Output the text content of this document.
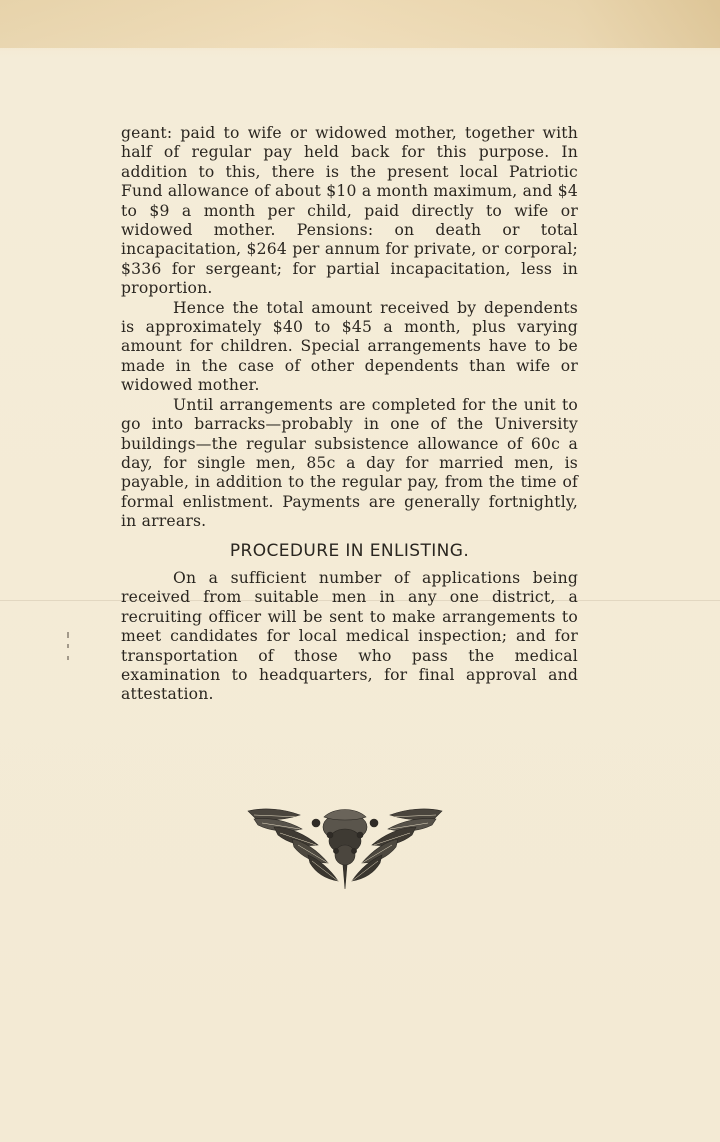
geant: paid to wife or widowed mother, together with half of regular pay held back for this purpose. In addition to this, there is the present local Patriotic Fund allowance of about $10 a month maximum, and $4 to $9 a month per child, paid directly to wife or widowed mother. Pensions: on death or total incapacitation, $264 per annum for private, or corporal; $336 for sergeant; for partial incapacitation, less in proportion.

Hence the total amount received by dependents is approximately $40 to $45 a month, plus varying amount for children. Special arrangements have to be made in the case of other dependents than wife or widowed mother.

Until arrangements are completed for the unit to go into barracks—probably in one of the University buildings—the regular subsistence allowance of 60c a day, for single men, 85c a day for married men, is payable, in addition to the regular pay, from the time of formal enlistment. Payments are generally fortnightly, in arrears.

PROCEDURE IN ENLISTING.

On a sufficient number of applications being received from suitable men in any one district, a recruiting officer will be sent to make arrangements to meet candidates for local medical inspection; and for transportation of those who pass the medical examination to headquarters, for final approval and attestation.
